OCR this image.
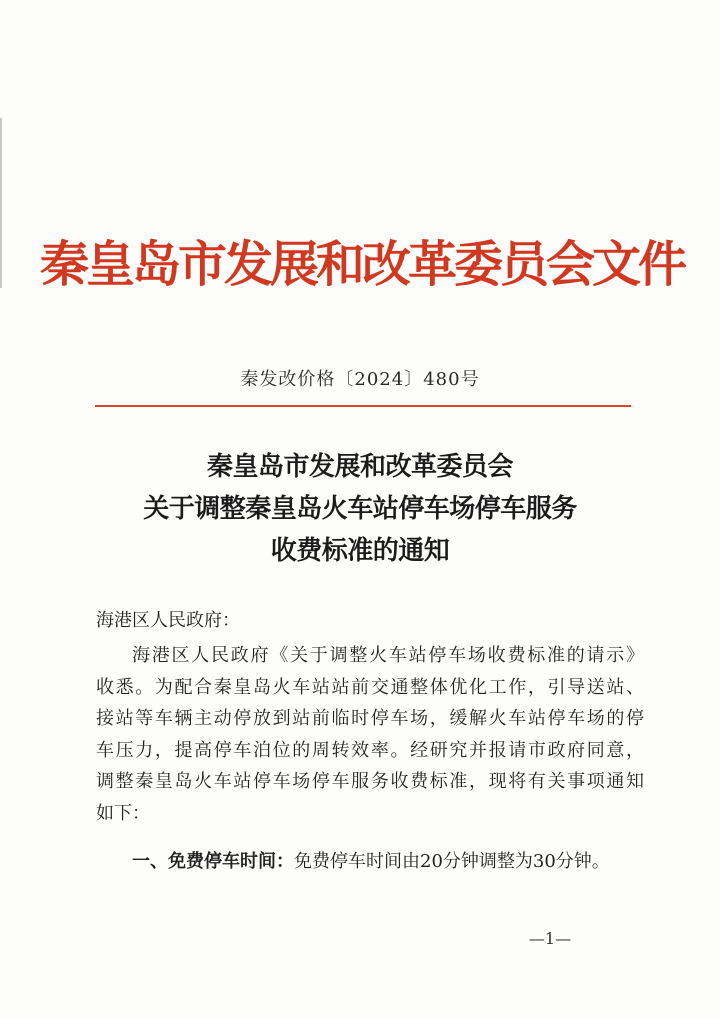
秦皇岛市发展和改革委员会文件
秦发改价格〔2024〕480号
秦皇岛市发展和改革委员会
关于调整秦皇岛火车站停车场停车服务
收费标准的通知
海港区人民政府：
海港区人民政府《关于调整火车站停车场收费标准的请示》
收悉。为配合秦皇岛火车站站前交通整体优化工作，引导送站、
接站等车辆主动停放到站前临时停车场，缓解火车站停车场的停
车压力，提高停车泊位的周转效率。经研究并报请市政府同意，
调整秦皇岛火车站停车场停车服务收费标准，现将有关事项通知
如下：
一、免费停车时间：免费停车时间由20分钟调整为30分钟。
—1—
